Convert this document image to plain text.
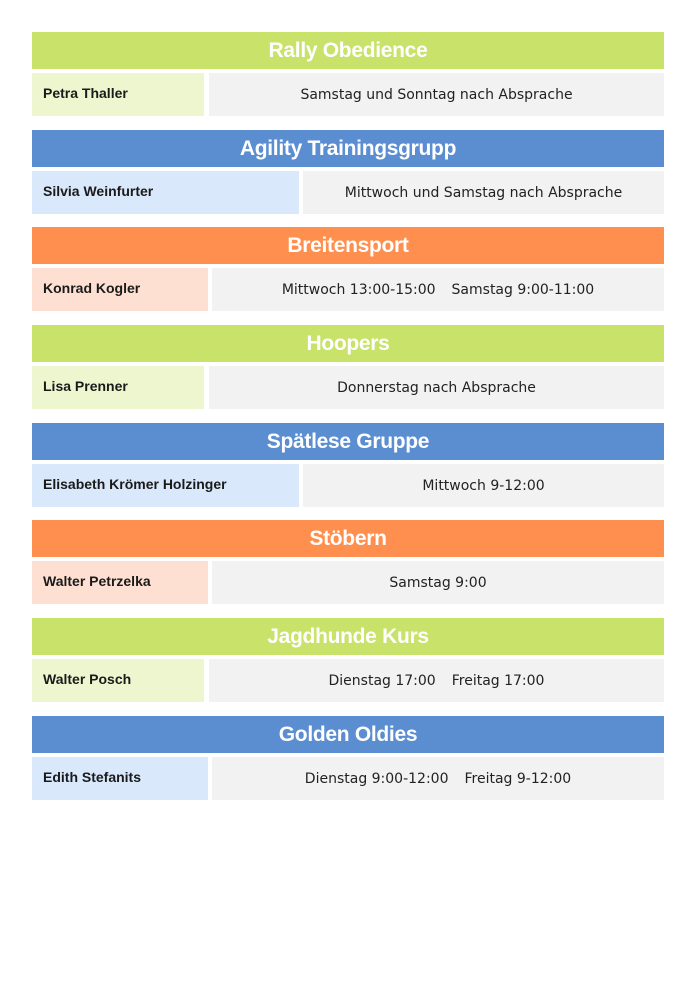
Rally Obedience
Petra Thaller	Samstag und Sonntag nach Absprache
Agility Trainingsgrupp
Silvia Weinfurter	Mittwoch und Samstag nach Absprache
Breitensport
Konrad Kogler	Mittwoch 13:00-15:00 Samstag 9:00-11:00
Hoopers
Lisa Prenner	Donnerstag nach Absprache
Spätlese Gruppe
Elisabeth Krömer Holzinger	Mittwoch 9-12:00
Stöbern
Walter Petrzelka	Samstag 9:00
Jagdhunde Kurs
Walter Posch	Dienstag 17:00 Freitag 17:00
Golden Oldies
Edith Stefanits	Dienstag 9:00-12:00 Freitag 9-12:00
